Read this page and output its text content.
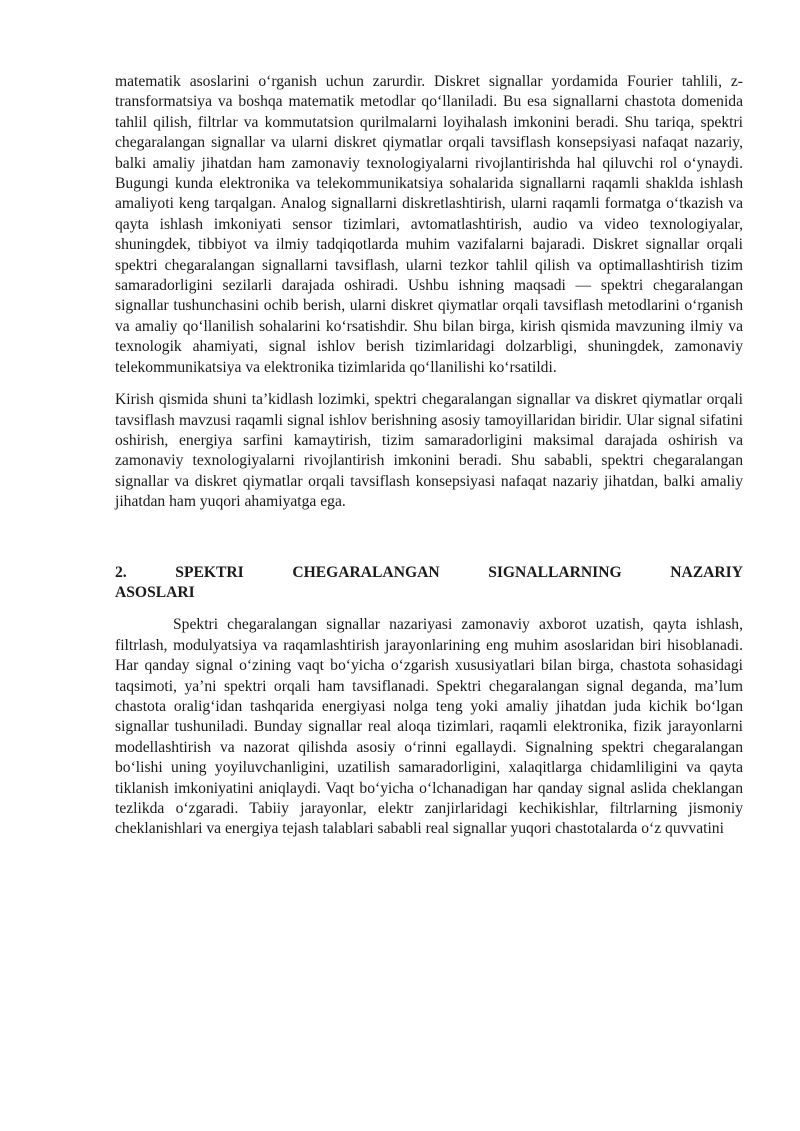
matematik asoslarini o‘rganish uchun zarurdir. Diskret signallar yordamida Fourier tahlili, z-transformatsiya va boshqa matematik metodlar qo‘llaniladi. Bu esa signallarni chastota domenida tahlil qilish, filtrlar va kommutatsion qurilmalarni loyihalash imkonini beradi. Shu tariqa, spektri chegaralangan signallar va ularni diskret qiymatlar orqali tavsiflash konsepsiyasi nafaqat nazariy, balki amaliy jihatdan ham zamonaviy texnologiyalarni rivojlantirishda hal qiluvchi rol o‘ynaydi. Bugungi kunda elektronika va telekommunikatsiya sohalarida signallarni raqamli shaklda ishlash amaliyoti keng tarqalgan. Analog signallarni diskretlashtirish, ularni raqamli formatga o‘tkazish va qayta ishlash imkoniyati sensor tizimlari, avtomatlashtirish, audio va video texnologiyalar, shuningdek, tibbiyot va ilmiy tadqiqotlarda muhim vazifalarni bajaradi. Diskret signallar orqali spektri chegaralangan signallarni tavsiflash, ularni tezkor tahlil qilish va optimallashtirish tizim samaradorligini sezilarli darajada oshiradi. Ushbu ishning maqsadi — spektri chegaralangan signallar tushunchasini ochib berish, ularni diskret qiymatlar orqali tavsiflash metodlarini o‘rganish va amaliy qo‘llanilish sohalarini ko‘rsatishdir. Shu bilan birga, kirish qismida mavzuning ilmiy va texnologik ahamiyati, signal ishlov berish tizimlaridagi dolzarbligi, shuningdek, zamonaviy telekommunikatsiya va elektronika tizimlarida qo‘llanilishi ko‘rsatildi.

Kirish qismida shuni ta’kidlash lozimki, spektri chegaralangan signallar va diskret qiymatlar orqali tavsiflash mavzusi raqamli signal ishlov berishning asosiy tamoyillaridan biridir. Ular signal sifatini oshirish, energiya sarfini kamaytirish, tizim samaradorligini maksimal darajada oshirish va zamonaviy texnologiyalarni rivojlantirish imkonini beradi. Shu sababli, spektri chegaralangan signallar va diskret qiymatlar orqali tavsiflash konsepsiyasi nafaqat nazariy jihatdan, balki amaliy jihatdan ham yuqori ahamiyatga ega.

2.	SPEKTRI	CHEGARALANGAN	SIGNALLARNING	NAZARIY
ASOSLARI

Spektri chegaralangan signallar nazariyasi zamonaviy axborot uzatish, qayta ishlash, filtrlash, modulyatsiya va raqamlashtirish jarayonlarining eng muhim asoslaridan biri hisoblanadi. Har qanday signal o‘zining vaqt bo‘yicha o‘zgarish xususiyatlari bilan birga, chastota sohasidagi taqsimoti, ya’ni spektri orqali ham tavsiflanadi. Spektri chegaralangan signal deganda, ma’lum chastota oralig‘idan tashqarida energiyasi nolga teng yoki amaliy jihatdan juda kichik bo‘lgan signallar tushuniladi. Bunday signallar real aloqa tizimlari, raqamli elektronika, fizik jarayonlarni modellashtirish va nazorat qilishda asosiy o‘rinni egallaydi. Signalning spektri chegaralangan bo‘lishi uning yoyiluvchanligini, uzatilish samaradorligini, xalaqitlarga chidamliligini va qayta tiklanish imkoniyatini aniqlaydi. Vaqt bo‘yicha o‘lchanadigan har qanday signal aslida cheklangan tezlikda o‘zgaradi. Tabiiy jarayonlar, elektr zanjirlaridagi kechikishlar, filtrlarning jismoniy cheklanishlari va energiya tejash talablari sababli real signallar yuqori chastotalarda o‘z quvvatini
